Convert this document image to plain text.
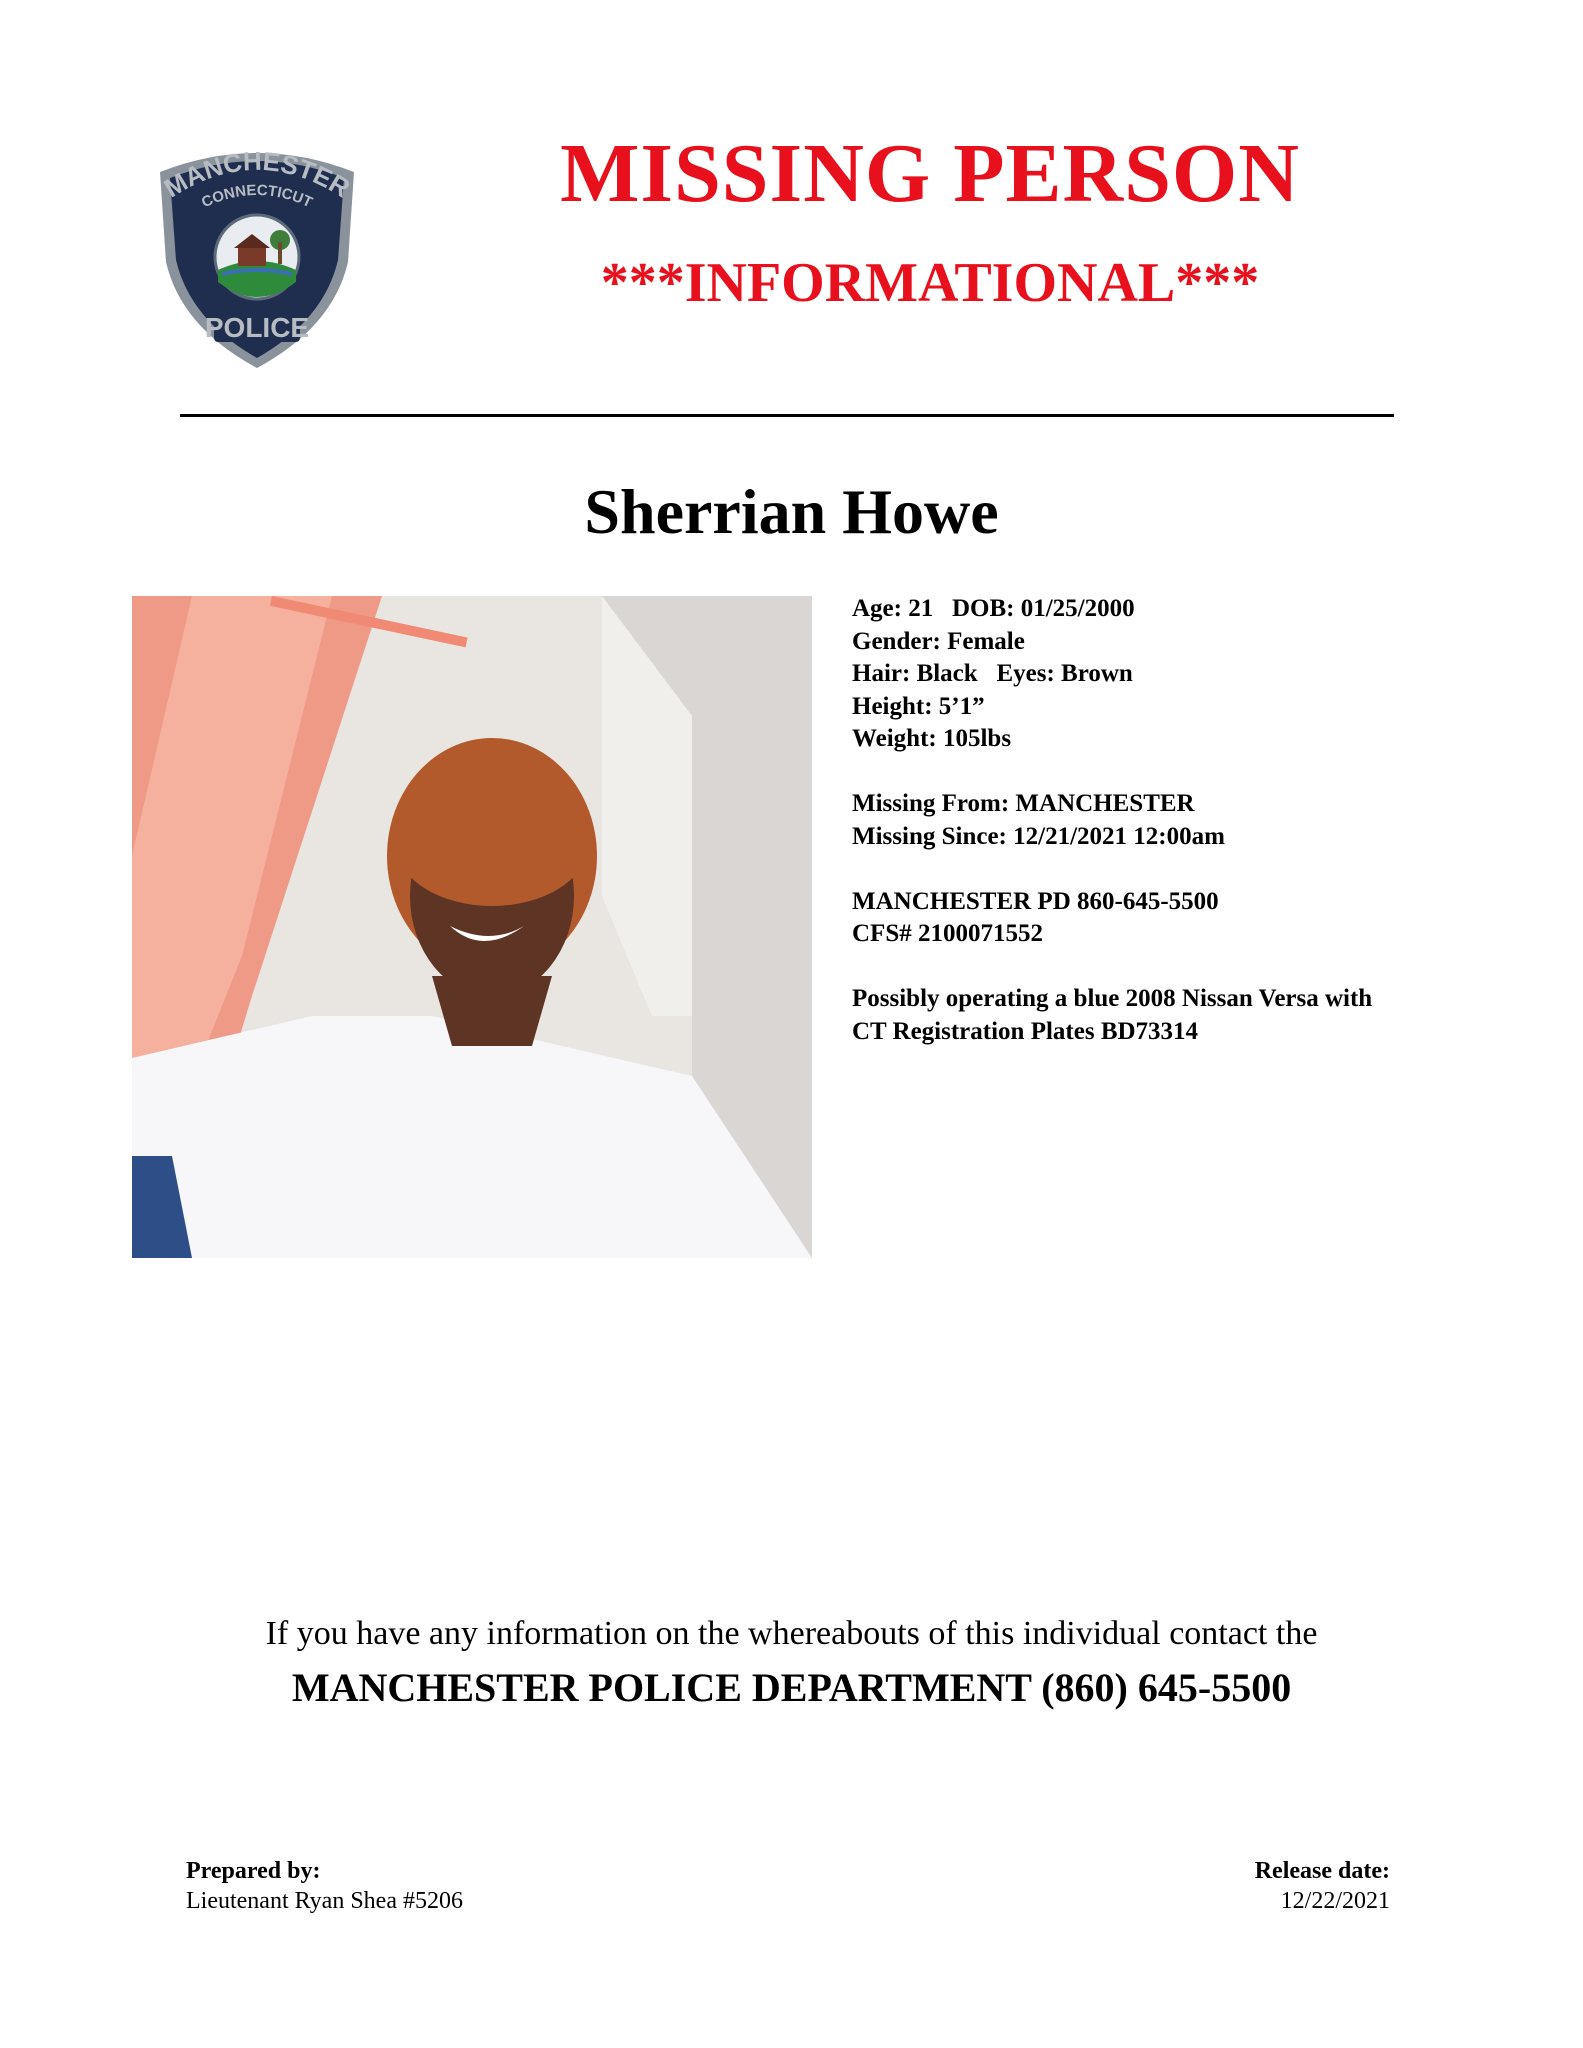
MANCHESTER
CONNECTICUT
POLICE
MISSING PERSON
***INFORMATIONAL***
Sherrian Howe
Age: 21 DOB: 01/25/2000
Gender: Female
Hair: Black Eyes: Brown
Height: 5’1”
Weight: 105lbs
Missing From: MANCHESTER
Missing Since: 12/21/2021 12:00am
MANCHESTER PD 860-645-5500
CFS# 2100071552
Possibly operating a blue 2008 Nissan Versa with
CT Registration Plates BD73314
If you have any information on the whereabouts of this individual contact the
MANCHESTER POLICE DEPARTMENT (860) 645-5500
Prepared by:
Lieutenant Ryan Shea #5206
Release date:
12/22/2021
